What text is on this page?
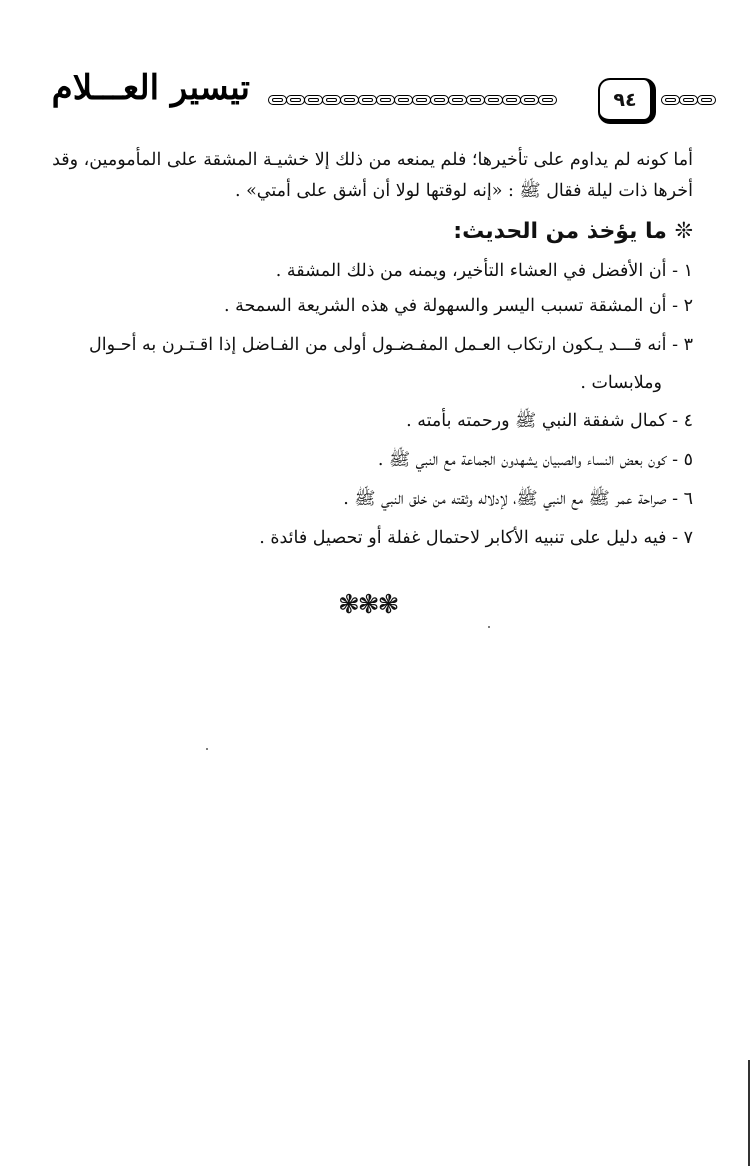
تيسير العـــلام	٩٤
أما كونه لم يداوم على تأخيرها؛ فلم يمنعه من ذلك إلا خشيـة المشقة على المأمومين، وقد
أخرها ذات ليلة فقال ﷺ : «إنه لوقتها لولا أن أشق على أمتي» .
❊ ما يؤخذ من الحديث:
١ - أن الأفضل في العشاء التأخير، ويمنه من ذلك المشقة .
٢ - أن المشقة تسبب اليسر والسهولة في هذه الشريعة السمحة .
٣ - أنه قـــد يـكون ارتكاب العـمل المفـضـول أولى من الفـاضل إذا اقـتـرن به أحـوال
وملابسات .
٤ - كمال شفقة النبي ﷺ ورحمته بأمته .
٥ - كون بعض النساء والصبيان يشهدون الجماعة مع النبي ﷺ .
٦ - صراحة عمر ﷺ مع النبي ﷺ، لإدلاله وثقته من خلق النبي ﷺ .
٧ - فيه دليل على تنبيه الأكابر لاحتمال غفلة أو تحصيل فائدة .
❃❃❃
